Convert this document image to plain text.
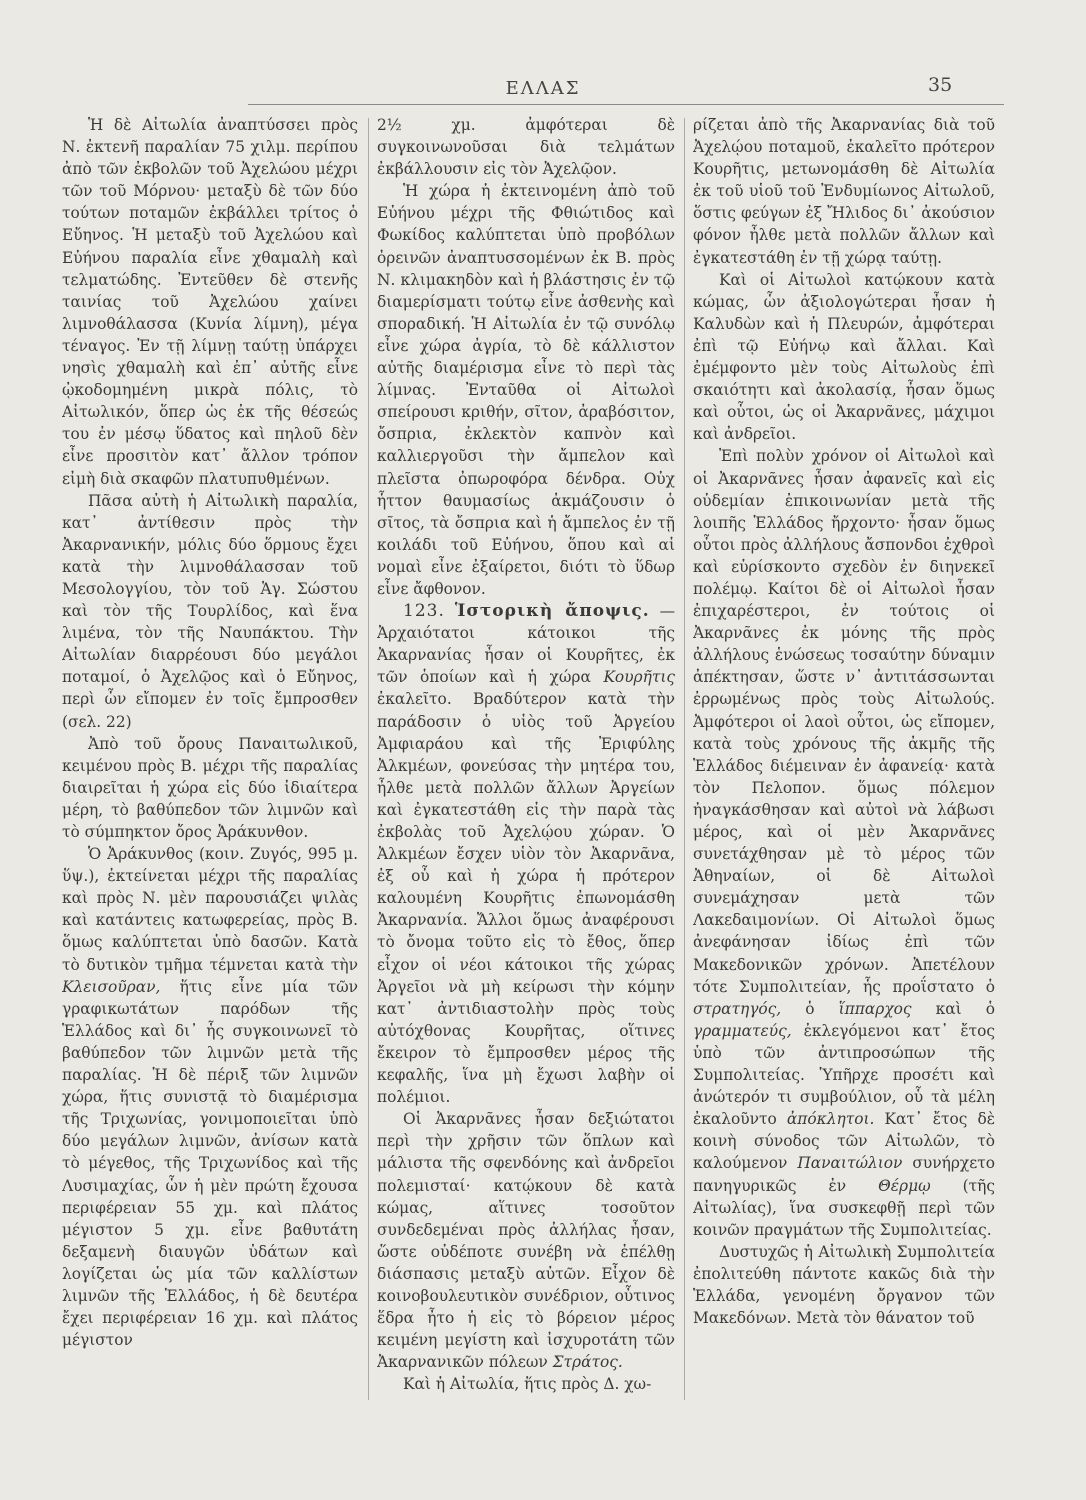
ΕΛΛΑΣ	35

Ἡ δὲ Αἰτωλία ἀναπτύσσει πρὸς Ν. ἐκτενῆ παραλίαν 75 χιλμ. περίπου ἀπὸ τῶν ἐκβολῶν τοῦ Ἀχελώου μέχρι τῶν τοῦ Μόρνου· μεταξὺ δὲ τῶν δύο τούτων ποταμῶν ἐκβάλλει τρίτος ὁ Εὔηνος. Ἡ μεταξὺ τοῦ Ἀχελώου καὶ Εὐήνου παραλία εἶνε χθαμαλὴ καὶ τελματώδης. Ἐντεῦθεν δὲ στενῆς ταινίας τοῦ Ἀχελώου χαίνει λιμνοθάλασσα (Κυνία λίμνη), μέγα τέναγος. Ἐν τῇ λίμνῃ ταύτῃ ὑπάρχει νησὶς χθαμαλὴ καὶ ἐπ᾿ αὐτῆς εἶνε ᾠκοδομημένη μικρὰ πόλις, τὸ Αἰτωλικόν, ὅπερ ὡς ἐκ τῆς θέσεώς του ἐν μέσῳ ὕδατος καὶ πηλοῦ δὲν εἶνε προσιτὸν κατ᾿ ἄλλον τρόπον εἰμὴ διὰ σκαφῶν πλατυπυθμένων.

Πᾶσα αὐτὴ ἡ Αἰτωλικὴ παραλία, κατ᾿ ἀντίθεσιν πρὸς τὴν Ἀκαρνανικήν, μόλις δύο ὅρμους ἔχει κατὰ τὴν λιμνοθάλασσαν τοῦ Μεσολογγίου, τὸν τοῦ Ἁγ. Σώστου καὶ τὸν τῆς Τουρλίδος, καὶ ἕνα λιμένα, τὸν τῆς Ναυπάκτου. Τὴν Αἰτωλίαν διαρρέουσι δύο μεγάλοι ποταμοί, ὁ Ἀχελῷος καὶ ὁ Εὔηνος, περὶ ὧν εἴπομεν ἐν τοῖς ἔμπροσθεν (σελ. 22)

Ἀπὸ τοῦ ὄρους Παναιτωλικοῦ, κειμένου πρὸς Β. μέχρι τῆς παραλίας διαιρεῖται ἡ χώρα εἰς δύο ἰδιαίτερα μέρη, τὸ βαθύπεδον τῶν λιμνῶν καὶ τὸ σύμπηκτον ὄρος Ἀράκυνθον.

Ὁ Ἀράκυνθος (κοιν. Ζυγός, 995 μ. ὕψ.), ἐκτείνεται μέχρι τῆς παραλίας καὶ πρὸς Ν. μὲν παρουσιάζει ψιλὰς καὶ κατάντεις κατωφερείας, πρὸς Β. ὅμως καλύπτεται ὑπὸ δασῶν. Κατὰ τὸ δυτικὸν τμῆμα τέμνεται κατὰ τὴν Κλεισοῦραν, ἥτις εἶνε μία τῶν γραφικωτάτων παρόδων τῆς Ἑλλάδος καὶ δι᾿ ἧς συγκοινωνεῖ τὸ βαθύπεδον τῶν λιμνῶν μετὰ τῆς παραλίας. Ἡ δὲ πέριξ τῶν λιμνῶν χώρα, ἥτις συνιστᾷ τὸ διαμέρισμα τῆς Τριχωνίας, γονιμοποιεῖται ὑπὸ δύο μεγάλων λιμνῶν, ἀνίσων κατὰ τὸ μέγεθος, τῆς Τριχωνίδος καὶ τῆς Λυσιμαχίας, ὧν ἡ μὲν πρώτη ἔχουσα περιφέρειαν 55 χμ. καὶ πλάτος μέγιστον 5 χμ. εἶνε βαθυτάτη δεξαμενὴ διαυγῶν ὑδάτων καὶ λογίζεται ὡς μία τῶν καλλίστων λιμνῶν τῆς Ἑλλάδος, ἡ δὲ δευτέρα ἔχει περιφέρειαν 16 χμ. καὶ πλάτος μέγιστον

2½ χμ. ἀμφότεραι δὲ συγκοινωνοῦσαι διὰ τελμάτων ἐκβάλλουσιν εἰς τὸν Ἀχελῷον.

Ἡ χώρα ἡ ἐκτεινομένη ἀπὸ τοῦ Εὐήνου μέχρι τῆς Φθιώτιδος καὶ Φωκίδος καλύπτεται ὑπὸ προβόλων ὀρεινῶν ἀναπτυσσομένων ἐκ Β. πρὸς Ν. κλιμακηδὸν καὶ ἡ βλάστησις ἐν τῷ διαμερίσματι τούτῳ εἶνε ἀσθενὴς καὶ σποραδική. Ἡ Αἰτωλία ἐν τῷ συνόλῳ εἶνε χώρα ἀγρία, τὸ δὲ κάλλιστον αὐτῆς διαμέρισμα εἶνε τὸ περὶ τὰς λίμνας. Ἐνταῦθα οἱ Αἰτωλοὶ σπείρουσι κριθήν, σῖτον, ἀραβόσιτον, ὄσπρια, ἐκλεκτὸν καπνὸν καὶ καλλιεργοῦσι τὴν ἄμπελον καὶ πλεῖστα ὀπωροφόρα δένδρα. Οὐχ ἧττον θαυμασίως ἀκμάζουσιν ὁ σῖτος, τὰ ὄσπρια καὶ ἡ ἄμπελος ἐν τῇ κοιλάδι τοῦ Εὐήνου, ὅπου καὶ αἱ νομαὶ εἶνε ἐξαίρετοι, διότι τὸ ὕδωρ εἶνε ἄφθονον.

123. Ἱστορικὴ ἄποψις. — Ἀρχαιότατοι κάτοικοι τῆς Ἀκαρνανίας ἦσαν οἱ Κουρῆτες, ἐκ τῶν ὁποίων καὶ ἡ χώρα Κουρῆτις ἐκαλεῖτο. Βραδύτερον κατὰ τὴν παράδοσιν ὁ υἱὸς τοῦ Ἀργείου Ἀμφιαράου καὶ τῆς Ἐριφύλης Ἀλκμέων, φονεύσας τὴν μητέρα του, ἦλθε μετὰ πολλῶν ἄλλων Ἀργείων καὶ ἐγκατεστάθη εἰς τὴν παρὰ τὰς ἐκβολὰς τοῦ Ἀχελῴου χώραν. Ὁ Ἀλκμέων ἔσχεν υἱὸν τὸν Ἀκαρνᾶνα, ἐξ οὗ καὶ ἡ χώρα ἡ πρότερον καλουμένη Κουρῆτις ἐπωνομάσθη Ἀκαρνανία. Ἄλλοι ὅμως ἀναφέρουσι τὸ ὄνομα τοῦτο εἰς τὸ ἔθος, ὅπερ εἶχον οἱ νέοι κάτοικοι τῆς χώρας Ἀργεῖοι νὰ μὴ κείρωσι τὴν κόμην κατ᾿ ἀντιδιαστολὴν πρὸς τοὺς αὐτόχθονας Κουρῆτας, οἵτινες ἔκειρον τὸ ἔμπροσθεν μέρος τῆς κεφαλῆς, ἵνα μὴ ἔχωσι λαβὴν οἱ πολέμιοι.

Οἱ Ἀκαρνᾶνες ἦσαν δεξιώτατοι περὶ τὴν χρῆσιν τῶν ὅπλων καὶ μάλιστα τῆς σφενδόνης καὶ ἀνδρεῖοι πολεμισταί· κατῴκουν δὲ κατὰ κώμας, αἵτινες τοσοῦτον συνδεδεμέναι πρὸς ἀλλήλας ἦσαν, ὥστε οὐδέποτε συνέβη νὰ ἐπέλθῃ διάσπασις μεταξὺ αὐτῶν. Εἶχον δὲ κοινοβουλευτικὸν συνέδριον, οὗτινος ἕδρα ἦτο ἡ εἰς τὸ βόρειον μέρος κειμένη μεγίστη καὶ ἰσχυροτάτη τῶν Ἀκαρνανικῶν πόλεων Στράτος.

Καὶ ἡ Αἰτωλία, ἥτις πρὸς Δ. χω-

ρίζεται ἀπὸ τῆς Ἀκαρνανίας διὰ τοῦ Ἀχελῴου ποταμοῦ, ἐκαλεῖτο πρότερον Κουρῆτις, μετωνομάσθη δὲ Αἰτωλία ἐκ τοῦ υἱοῦ τοῦ Ἐνδυμίωνος Αἰτωλοῦ, ὅστις φεύγων ἐξ Ἤλιδος δι᾿ ἀκούσιον φόνον ἦλθε μετὰ πολλῶν ἄλλων καὶ ἐγκατεστάθη ἐν τῇ χώρᾳ ταύτῃ.

Καὶ οἱ Αἰτωλοὶ κατῴκουν κατὰ κώμας, ὧν ἀξιολογώτεραι ἦσαν ἡ Καλυδὼν καὶ ἡ Πλευρών, ἀμφότεραι ἐπὶ τῷ Εὐήνῳ καὶ ἄλλαι. Καὶ ἐμέμφοντο μὲν τοὺς Αἰτωλοὺς ἐπὶ σκαιότητι καὶ ἀκολασίᾳ, ἦσαν ὅμως καὶ οὗτοι, ὡς οἱ Ἀκαρνᾶνες, μάχιμοι καὶ ἀνδρεῖοι.

Ἐπὶ πολὺν χρόνον οἱ Αἰτωλοὶ καὶ οἱ Ἀκαρνᾶνες ἦσαν ἀφανεῖς καὶ εἰς οὐδεμίαν ἐπικοινωνίαν μετὰ τῆς λοιπῆς Ἑλλάδος ἤρχοντο· ἦσαν ὅμως οὗτοι πρὸς ἀλλήλους ἄσπονδοι ἐχθροὶ καὶ εὑρίσκοντο σχεδὸν ἐν διηνεκεῖ πολέμῳ. Καίτοι δὲ οἱ Αἰτωλοὶ ἦσαν ἐπιχαρέστεροι, ἐν τούτοις οἱ Ἀκαρνᾶνες ἐκ μόνης τῆς πρὸς ἀλλήλους ἑνώσεως τοσαύτην δύναμιν ἀπέκτησαν, ὥστε ν᾿ ἀντιτάσσωνται ἐρρωμένως πρὸς τοὺς Αἰτωλούς. Ἀμφότεροι οἱ λαοὶ οὗτοι, ὡς εἴπομεν, κατὰ τοὺς χρόνους τῆς ἀκμῆς τῆς Ἑλλάδος διέμειναν ἐν ἀφανείᾳ· κατὰ τὸν Πελοπον. ὅμως πόλεμον ἠναγκάσθησαν καὶ αὐτοὶ νὰ λάβωσι μέρος, καὶ οἱ μὲν Ἀκαρνᾶνες συνετάχθησαν μὲ τὸ μέρος τῶν Ἀθηναίων, οἱ δὲ Αἰτωλοὶ συνεμάχησαν μετὰ τῶν Λακεδαιμονίων. Οἱ Αἰτωλοὶ ὅμως ἀνεφάνησαν ἰδίως ἐπὶ τῶν Μακεδονικῶν χρόνων. Ἀπετέλουν τότε Συμπολιτείαν, ἧς προΐστατο ὁ στρατηγός, ὁ ἵππαρχος καὶ ὁ γραμματεύς, ἐκλεγόμενοι κατ᾿ ἔτος ὑπὸ τῶν ἀντιπροσώπων τῆς Συμπολιτείας. Ὑπῆρχε προσέτι καὶ ἀνώτερόν τι συμβούλιον, οὗ τὰ μέλη ἐκαλοῦντο ἀπόκλητοι. Κατ᾿ ἔτος δὲ κοινὴ σύνοδος τῶν Αἰτωλῶν, τὸ καλούμενον Παναιτώλιον συνήρχετο πανηγυρικῶς ἐν Θέρμῳ (τῆς Αἰτωλίας), ἵνα συσκεφθῇ περὶ τῶν κοινῶν πραγμάτων τῆς Συμπολιτείας.

Δυστυχῶς ἡ Αἰτωλικὴ Συμπολιτεία ἐπολιτεύθη πάντοτε κακῶς διὰ τὴν Ἑλλάδα, γενομένη ὄργανον τῶν Μακεδόνων. Μετὰ τὸν θάνατον τοῦ
